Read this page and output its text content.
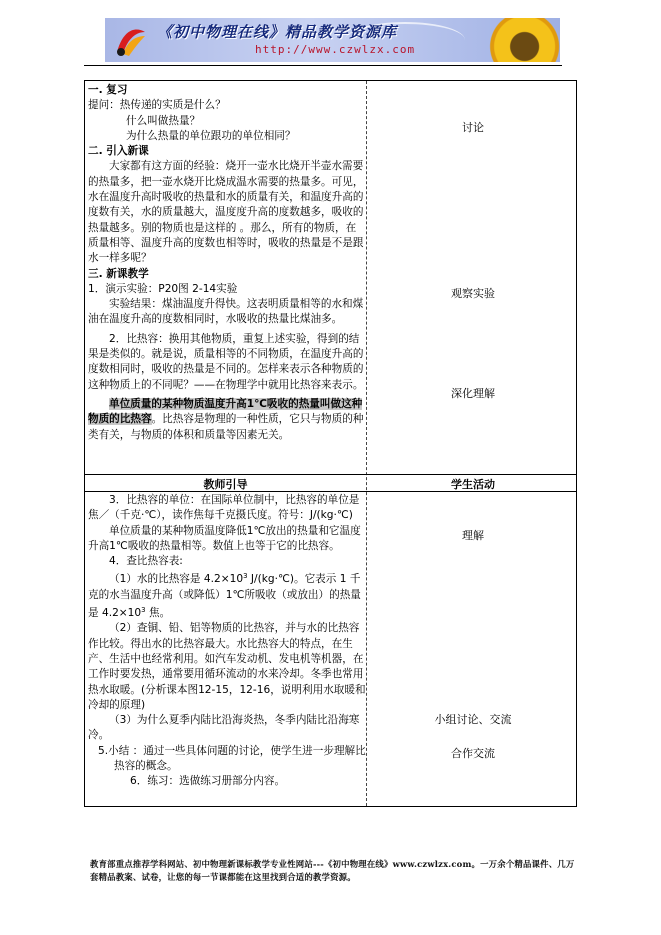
《初中物理在线》精品教学资源库
http://www.czwlzx.com

一. 复习

提问：热传递的实质是什么？

什么叫做热量？

为什么热量的单位跟功的单位相同？

二. 引入新课

大家都有这方面的经验：烧开一壶水比烧开半壶水需要的热量多，把一壶水烧开比烧成温水需要的热量多。可见，水在温度升高时吸收的热量和水的质量有关，和温度升高的度数有关，水的质量越大，温度度升高的度数越多，吸收的热量越多。别的物质也是这样的 。那么，所有的物质，在质量相等、温度升高的度数也相等时，吸收的热量是不是跟水一样多呢？

三. 新课教学

1．演示实验：P20图 2-14实验

实验结果：煤油温度升得快。这表明质量相等的水和煤油在温度升高的度数相同时，水吸收的热量比煤油多。

2．比热容：换用其他物质，重复上述实验，得到的结果是类似的。就是说，质量相等的不同物质，在温度升高的度数相同时，吸收的热量是不同的。怎样来表示各种物质的这种物质上的不同呢？——在物理学中就用比热容来表示。

单位质量的某种物质温度升高1℃吸收的热量叫做这种物质的比热容。比热容是物理的一种性质，它只与物质的种类有关，与物质的体积和质量等因素无关。

讨论
观察实验
深化理解
教师引导	学生活动

3．比热容的单位：在国际单位制中，比热容的单位是焦／（千克·℃），读作焦每千克摄氏度。符号：J/(kg·℃)

单位质量的某种物质温度降低1℃放出的热量和它温度升高1℃吸收的热量相等。数值上也等于它的比热容。

4．查比热容表:

（1）水的比热容是 $4.2\times 10^3$ J/(kg·℃)。它表示 1 千克的水当温度升高（或降低）1℃所吸收（或放出）的热量是 $4.2\times 10^3$ 焦。

（2）查铜、铅、铝等物质的比热容，并与水的比热容作比较。得出水的比热容最大。水比热容大的特点，在生产、生活中也经常利用。如汽车发动机、发电机等机器，在工作时要发热，通常要用循环流动的水来冷却。冬季也常用热水取暖。(分析课本图12-15，12-16，说明利用水取暖和冷却的原理)

（3）为什么夏季内陆比沿海炎热，冬季内陆比沿海寒冷。

5.小结 ：通过一些具体问题的讨论，使学生进一步理解比热容的概念。

6．练习：选做练习册部分内容。

理解
小组讨论、交流
合作交流
教育部重点推荐学科网站、初中物理新课标教学专业性网站---《初中物理在线》www.czwlzx.com。一万余个精品课件、几万套精品教案、试卷，让您的每一节课都能在这里找到合适的教学资源。
